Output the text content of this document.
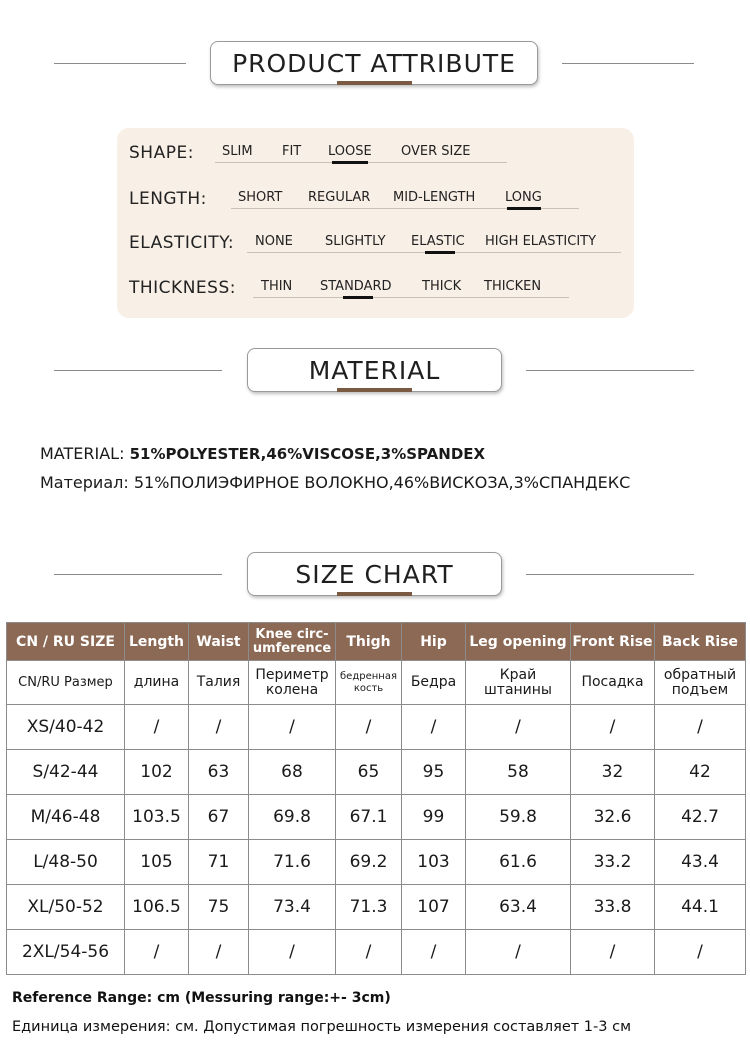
PRODUCT ATTRIBUTE
SHAPE: SLIM FIT LOOSE OVER SIZE
LENGTH: SHORT REGULAR MID-LENGTH LONG
ELASTICITY: NONE SLIGHTLY ELASTIC HIGH ELASTICITY
THICKNESS: THIN STANDARD THICK THICKEN
MATERIAL
MATERIAL: 51%POLYESTER,46%VISCOSE,3%SPANDEX
Материал: 51%ПОЛИЭФИРНОЕ ВОЛОКНО,46%ВИСКОЗА,3%СПАНДЕКС
SIZE CHART
CN / RU SIZE	Length	Waist	Knee circ-umference	Thigh	Hip	Leg opening	Front Rise	Back Rise
CN/RU Размер	длина	Талия	Периметр колена	бедренная кость	Бедра	Край штанины	Посадка	обратный подъем
XS/40-42	/	/	/	/	/	/	/	/
S/42-44	102	63	68	65	95	58	32	42
M/46-48	103.5	67	69.8	67.1	99	59.8	32.6	42.7
L/48-50	105	71	71.6	69.2	103	61.6	33.2	43.4
XL/50-52	106.5	75	73.4	71.3	107	63.4	33.8	44.1
2XL/54-56	/	/	/	/	/	/	/	/
Reference Range: cm (Messuring range:+- 3cm)
Единица измерения: см. Допустимая погрешность измерения составляет 1-3 см
